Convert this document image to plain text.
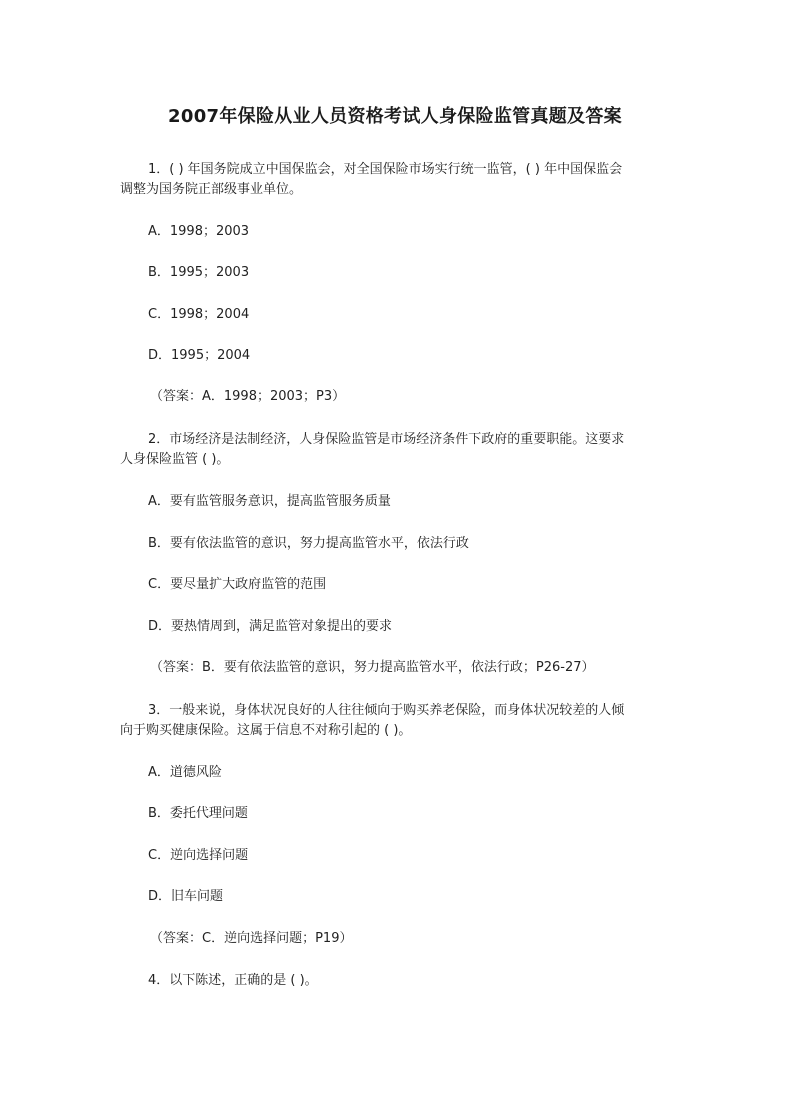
2007年保险从业人员资格考试人身保险监管真题及答案
1．( ) 年国务院成立中国保监会，对全国保险市场实行统一监管，( ) 年中国保监会
调整为国务院正部级事业单位。
A．1998；2003
B．1995；2003
C．1998；2004
D．1995；2004
（答案：A．1998；2003；P3）
2．市场经济是法制经济，人身保险监管是市场经济条件下政府的重要职能。这要求
人身保险监管 ( )。
A．要有监管服务意识，提高监管服务质量
B．要有依法监管的意识，努力提高监管水平，依法行政
C．要尽量扩大政府监管的范围
D．要热情周到，满足监管对象提出的要求
（答案：B．要有依法监管的意识，努力提高监管水平，依法行政；P26-27）
3．一般来说，身体状况良好的人往往倾向于购买养老保险，而身体状况较差的人倾
向于购买健康保险。这属于信息不对称引起的 ( )。
A．道德风险
B．委托代理问题
C．逆向选择问题
D．旧车问题
（答案：C．逆向选择问题；P19）
4．以下陈述，正确的是 ( )。
